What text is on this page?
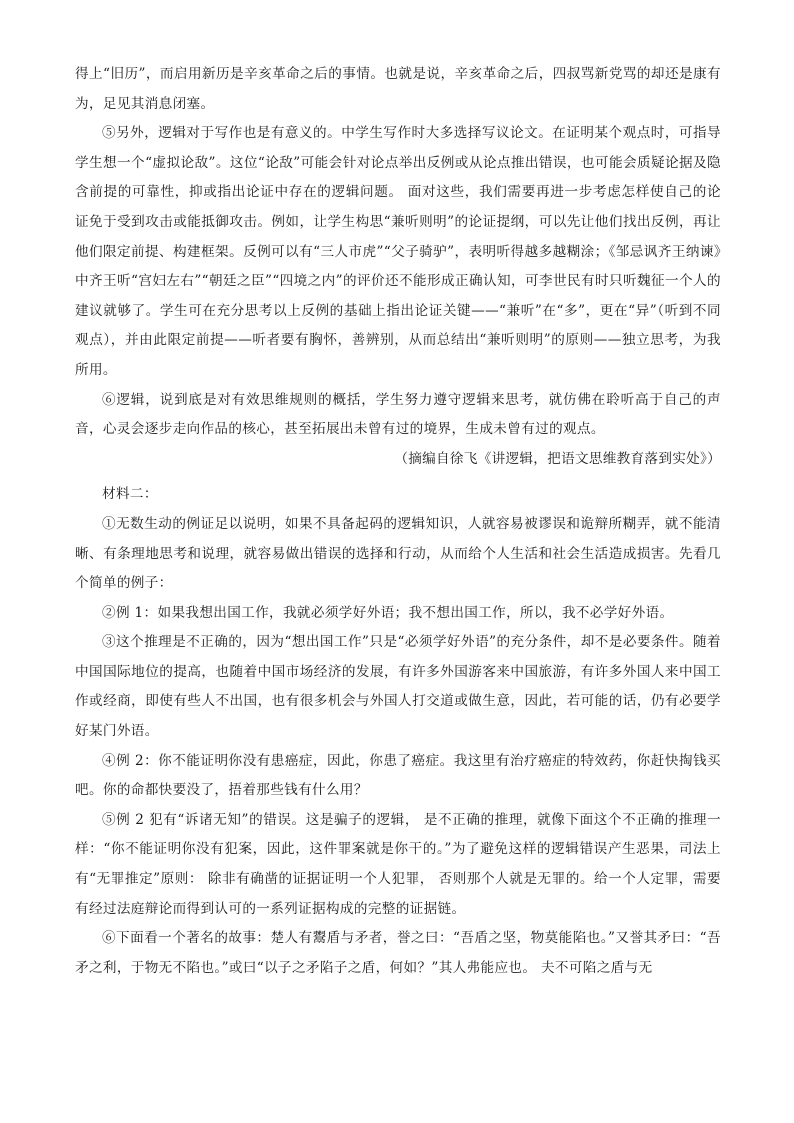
得上“旧历”，而启用新历是辛亥革命之后的事情。也就是说，辛亥革命之后，四叔骂新党骂的却还是康有为，足见其消息闭塞。

⑤另外，逻辑对于写作也是有意义的。中学生写作时大多选择写议论文。在证明某个观点时，可指导学生想一个“虚拟论敌”。这位“论敌”可能会针对论点举出反例或从论点推出错误，也可能会质疑论据及隐含前提的可靠性，抑或指出论证中存在的逻辑问题。 面对这些，我们需要再进一步考虑怎样使自己的论证免于受到攻击或能抵御攻击。例如，让学生构思“兼听则明”的论证提纲，可以先让他们找出反例，再让他们限定前提、构建框架。反例可以有“三人市虎”“父子骑驴”，表明听得越多越糊涂；《邹忌讽齐王纳谏》中齐王听“宫妇左右”“朝廷之臣”“四境之内”的评价还不能形成正确认知，可李世民有时只听魏征一个人的建议就够了。学生可在充分思考以上反例的基础上指出论证关键——“兼听”在“多”，更在“异”（听到不同观点），并由此限定前提——听者要有胸怀，善辨别，从而总结出“兼听则明”的原则——独立思考，为我所用。

⑥逻辑，说到底是对有效思维规则的概括，学生努力遵守逻辑来思考，就仿佛在聆听高于自己的声音，心灵会逐步走向作品的核心，甚至拓展出未曾有过的境界，生成未曾有过的观点。

（摘编自徐飞《讲逻辑，把语文思维教育落到实处》）

材料二：

①无数生动的例证足以说明，如果不具备起码的逻辑知识，人就容易被谬误和诡辩所糊弄，就不能清晰、有条理地思考和说理，就容易做出错误的选择和行动，从而给个人生活和社会生活造成损害。先看几个简单的例子：

②例 1：如果我想出国工作，我就必须学好外语；我不想出国工作，所以，我不必学好外语。

③这个推理是不正确的，因为“想出国工作”只是“必须学好外语”的充分条件，却不是必要条件。随着中国国际地位的提高，也随着中国市场经济的发展，有许多外国游客来中国旅游，有许多外国人来中国工作或经商，即使有些人不出国，也有很多机会与外国人打交道或做生意，因此，若可能的话，仍有必要学好某门外语。

④例 2：你不能证明你没有患癌症，因此，你患了癌症。我这里有治疗癌症的特效药，你赶快掏钱买吧。你的命都快要没了，捂着那些钱有什么用？

⑤例 2 犯有“诉诸无知”的错误。这是骗子的逻辑， 是不正确的推理，就像下面这个不正确的推理一样：“你不能证明你没有犯案，因此，这件罪案就是你干的。”为了避免这样的逻辑错误产生恶果，司法上有“无罪推定”原则： 除非有确凿的证据证明一个人犯罪， 否则那个人就是无罪的。给一个人定罪，需要有经过法庭辩论而得到认可的一系列证据构成的完整的证据链。

⑥下面看一个著名的故事：楚人有鬻盾与矛者，誉之曰：“吾盾之坚，物莫能陷也。”又誉其矛曰：“吾矛之利，于物无不陷也。”或曰“以子之矛陷子之盾，何如？”其人弗能应也。 夫不可陷之盾与无
